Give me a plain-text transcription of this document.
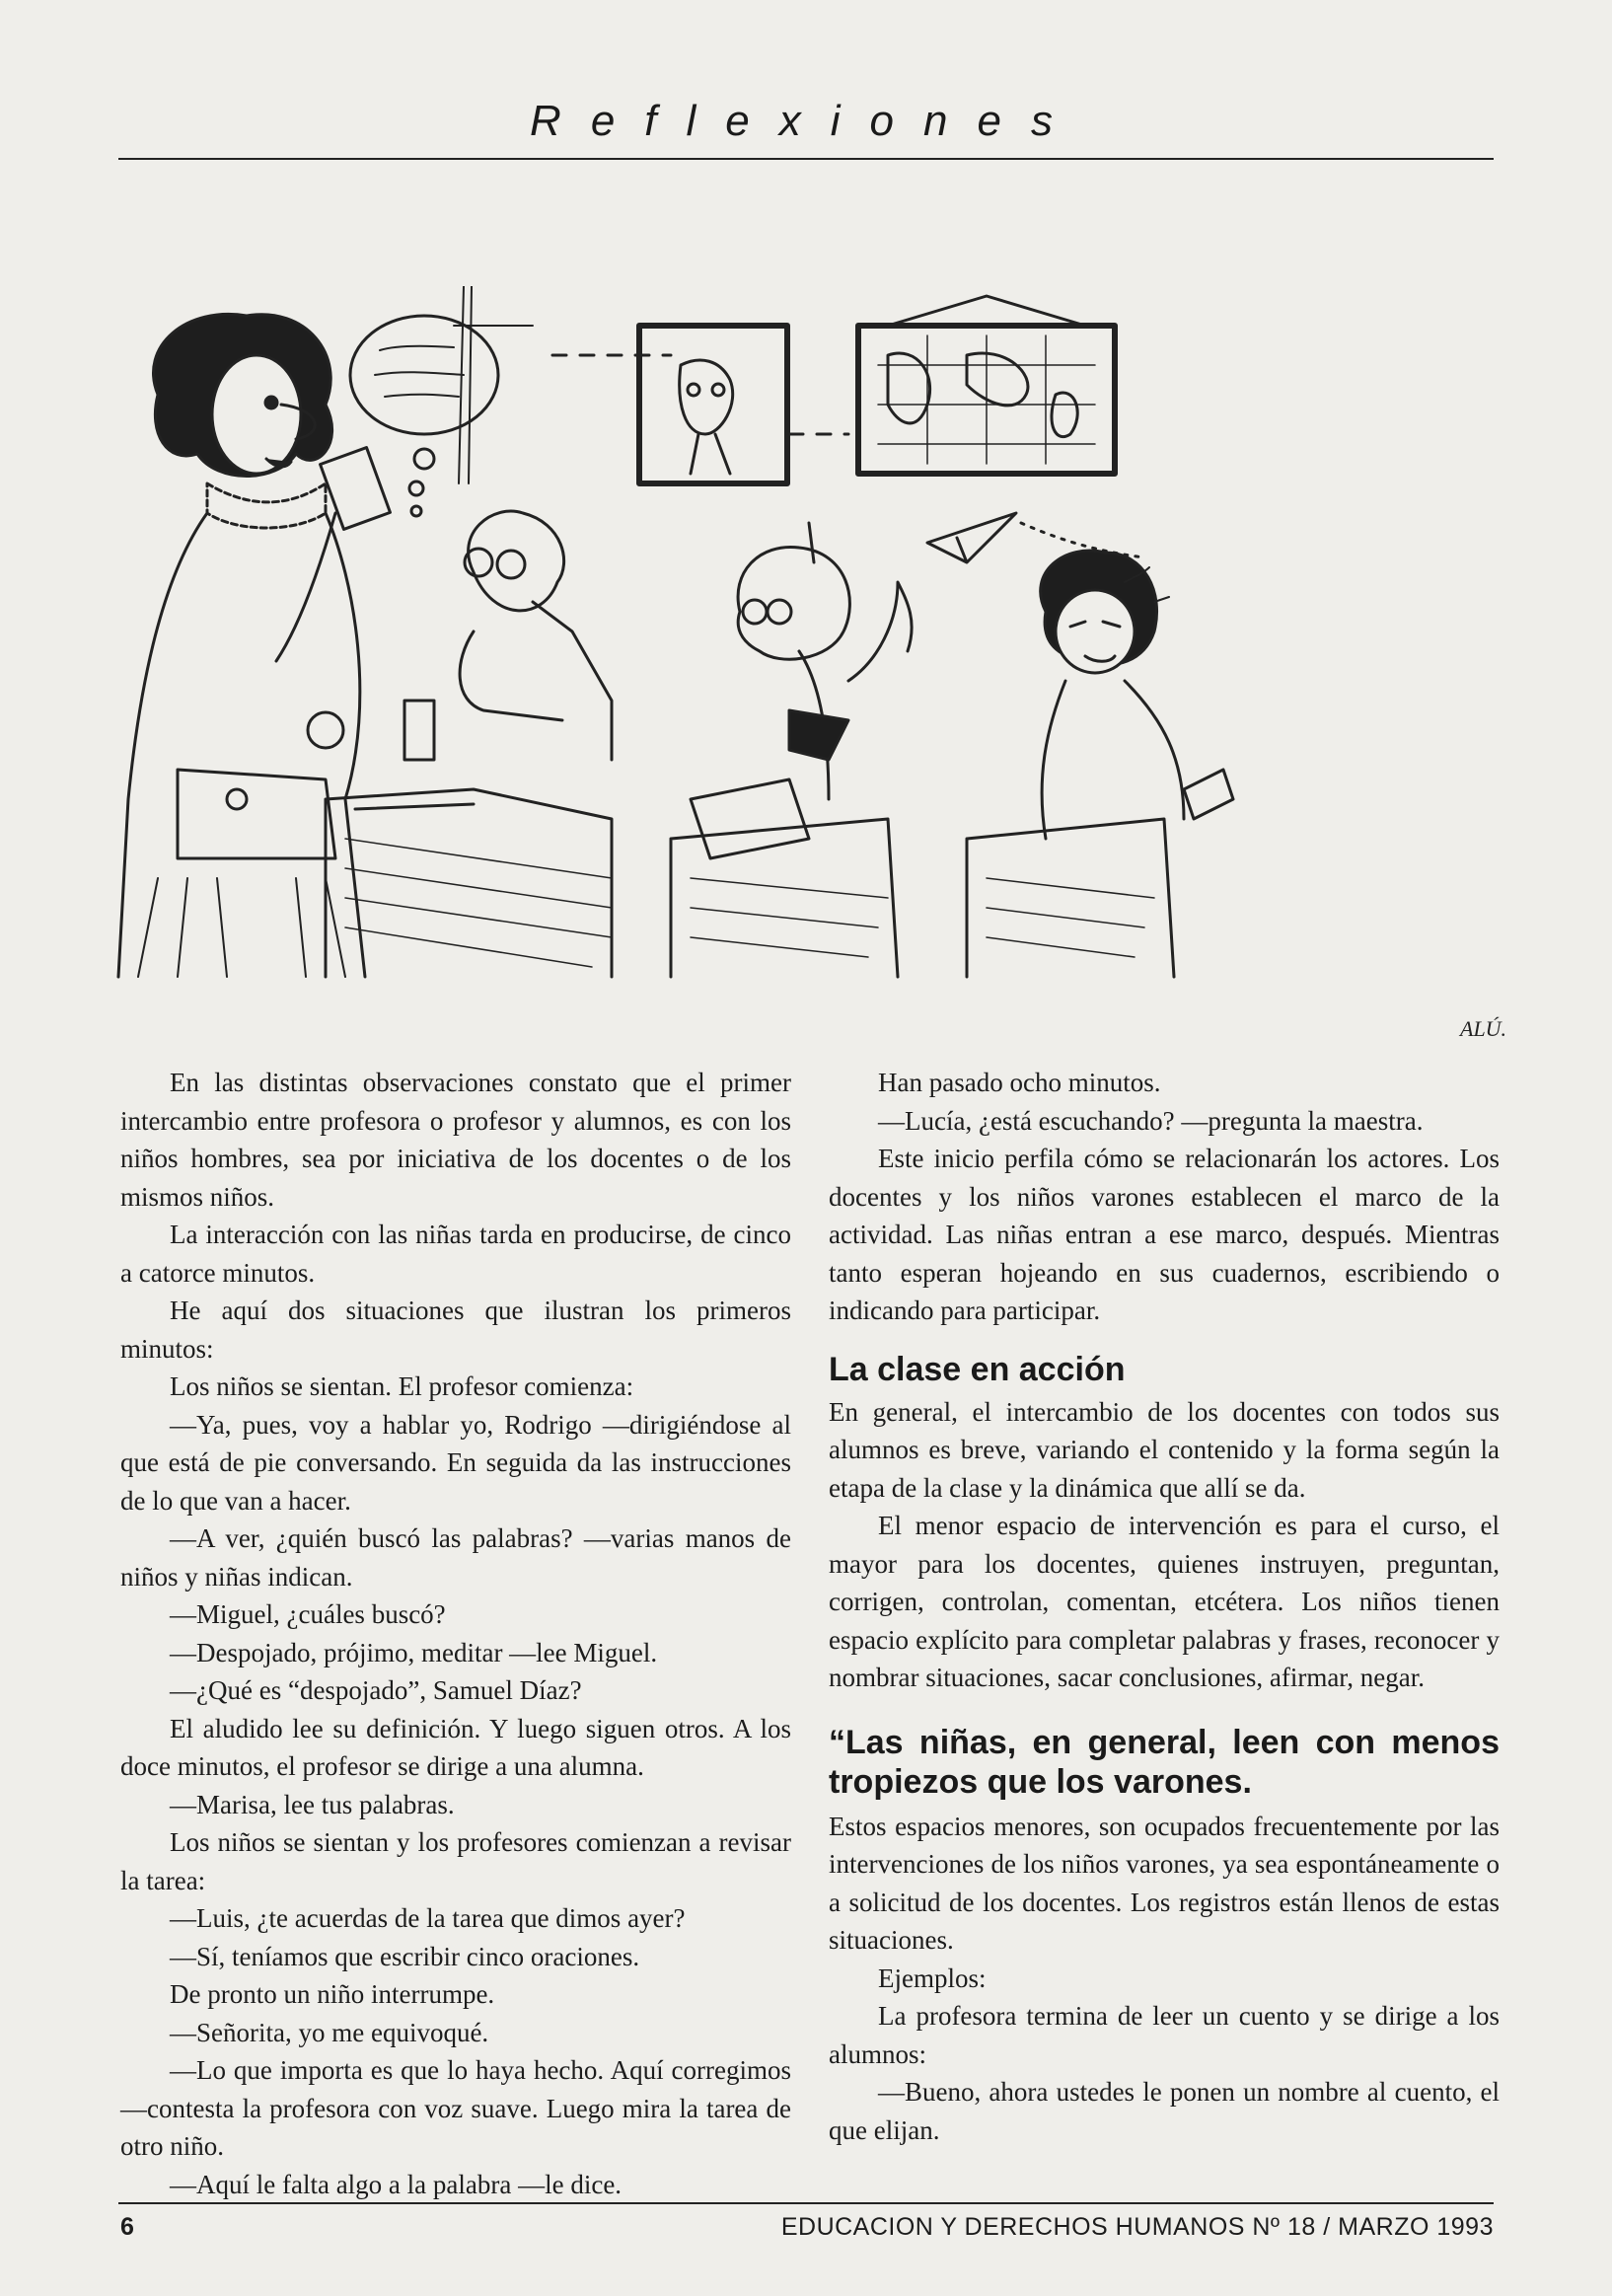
Reflexiones
ALÚ.

En las distintas observaciones constato que el primer intercambio entre profesora o profesor y alumnos, es con los niños hombres, sea por iniciativa de los docentes o de los mismos niños.

La interacción con las niñas tarda en producirse, de cinco a catorce minutos.

He aquí dos situaciones que ilustran los primeros minutos:

Los niños se sientan. El profesor comienza:

—Ya, pues, voy a hablar yo, Rodrigo —dirigiéndose al que está de pie conversando. En seguida da las instrucciones de lo que van a hacer.

—A ver, ¿quién buscó las palabras? —varias manos de niños y niñas indican.

—Miguel, ¿cuáles buscó?

—Despojado, prójimo, meditar —lee Miguel.

—¿Qué es “despojado”, Samuel Díaz?

El aludido lee su definición. Y luego siguen otros. A los doce minutos, el profesor se dirige a una alumna.

—Marisa, lee tus palabras.

Los niños se sientan y los profesores comienzan a revisar la tarea:

—Luis, ¿te acuerdas de la tarea que dimos ayer?

—Sí, teníamos que escribir cinco oraciones.

De pronto un niño interrumpe.

—Señorita, yo me equivoqué.

—Lo que importa es que lo haya hecho. Aquí corregimos —contesta la profesora con voz suave. Luego mira la tarea de otro niño.

—Aquí le falta algo a la palabra —le dice.

Han pasado ocho minutos.

—Lucía, ¿está escuchando? —pregunta la maestra.

Este inicio perfila cómo se relacionarán los actores. Los docentes y los niños varones establecen el marco de la actividad. Las niñas entran a ese marco, después. Mientras tanto esperan hojeando en sus cuadernos, escribiendo o indicando para participar.

La clase en acción

En general, el intercambio de los docentes con todos sus alumnos es breve, variando el contenido y la forma según la etapa de la clase y la dinámica que allí se da.

El menor espacio de intervención es para el curso, el mayor para los docentes, quienes instruyen, preguntan, corrigen, controlan, comentan, etcétera. Los niños tienen espacio explícito para completar palabras y frases, reconocer y nombrar situaciones, sacar conclusiones, afirmar, negar.

“Las niñas, en general, leen con menos tropiezos que los varones.

Estos espacios menores, son ocupados frecuentemente por las intervenciones de los niños varones, ya sea espontáneamente o a solicitud de los docentes. Los registros están llenos de estas situaciones.

Ejemplos:

La profesora termina de leer un cuento y se dirige a los alumnos:

—Bueno, ahora ustedes le ponen un nombre al cuento, el que elijan.

6	EDUCACION Y DERECHOS HUMANOS Nº 18 / MARZO 1993
